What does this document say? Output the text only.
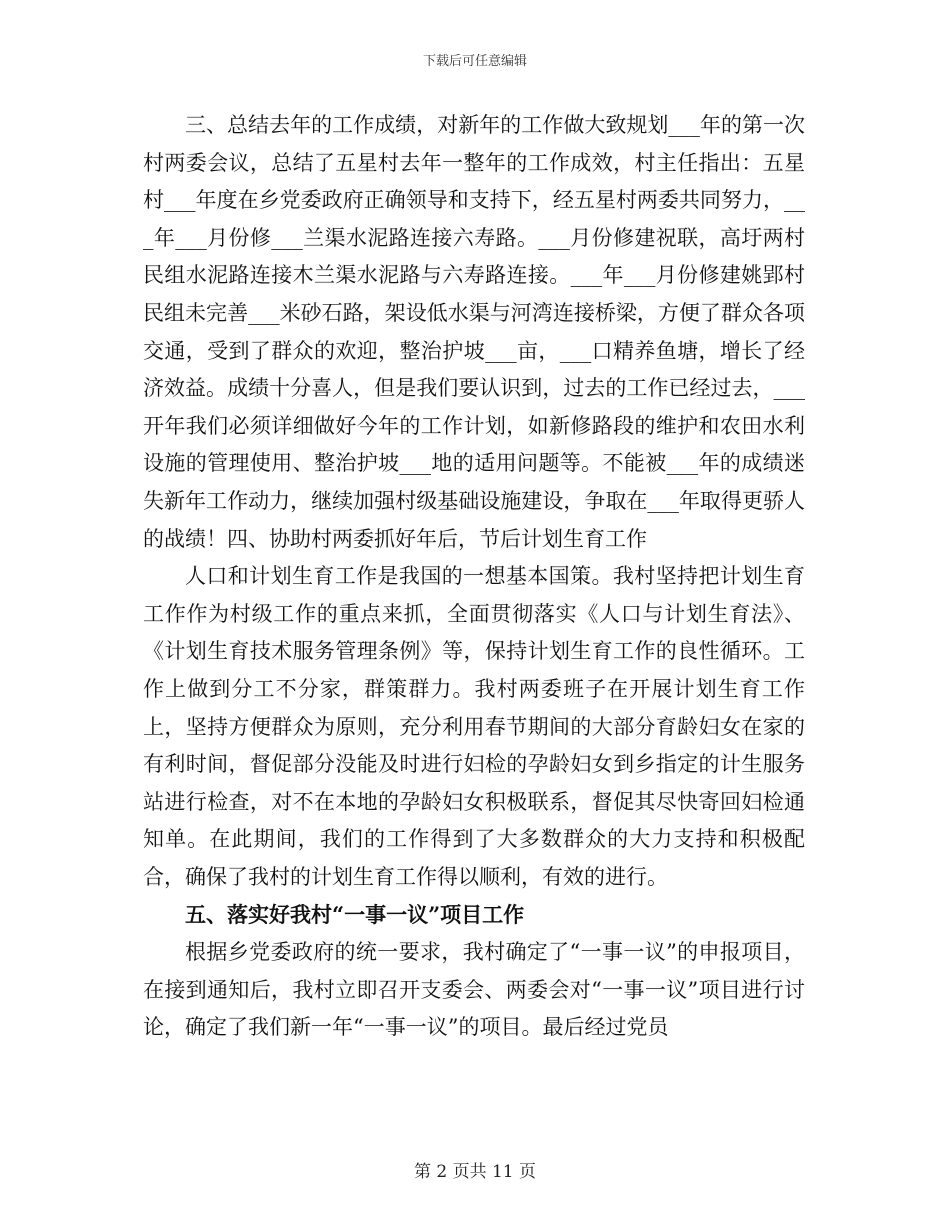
下载后可任意编辑

三、总结去年的工作成绩，对新年的工作做大致规划___年的第一次村两委会议，总结了五星村去年一整年的工作成效，村主任指出：五星村___年度在乡党委政府正确领导和支持下，经五星村两委共同努力，___年___月份修___兰渠水泥路连接六寿路。___月份修建祝联，高圩两村民组水泥路连接木兰渠水泥路与六寿路连接。___年___月份修建姚郢村民组未完善___米砂石路，架设低水渠与河湾连接桥梁，方便了群众各项交通，受到了群众的欢迎，整治护坡___亩，___口精养鱼塘，增长了经济效益。成绩十分喜人，但是我们要认识到，过去的工作已经过去，___开年我们必须详细做好今年的工作计划，如新修路段的维护和农田水利设施的管理使用、整治护坡___地的适用问题等。不能被___年的成绩迷失新年工作动力，继续加强村级基础设施建设，争取在___年取得更骄人的战绩！四、协助村两委抓好年后，节后计划生育工作

人口和计划生育工作是我国的一想基本国策。我村坚持把计划生育工作作为村级工作的重点来抓，全面贯彻落实《人口与计划生育法》、《计划生育技术服务管理条例》等，保持计划生育工作的良性循环。工作上做到分工不分家，群策群力。我村两委班子在开展计划生育工作上，坚持方便群众为原则，充分利用春节期间的大部分育龄妇女在家的有利时间，督促部分没能及时进行妇检的孕龄妇女到乡指定的计生服务站进行检查，对不在本地的孕龄妇女积极联系，督促其尽快寄回妇检通知单。在此期间，我们的工作得到了大多数群众的大力支持和积极配合，确保了我村的计划生育工作得以顺利，有效的进行。

五、落实好我村“一事一议”项目工作

根据乡党委政府的统一要求，我村确定了“一事一议”的申报项目，在接到通知后，我村立即召开支委会、两委会对“一事一议”项目进行讨论，确定了我们新一年“一事一议”的项目。最后经过党员

第 2 页共 11 页
